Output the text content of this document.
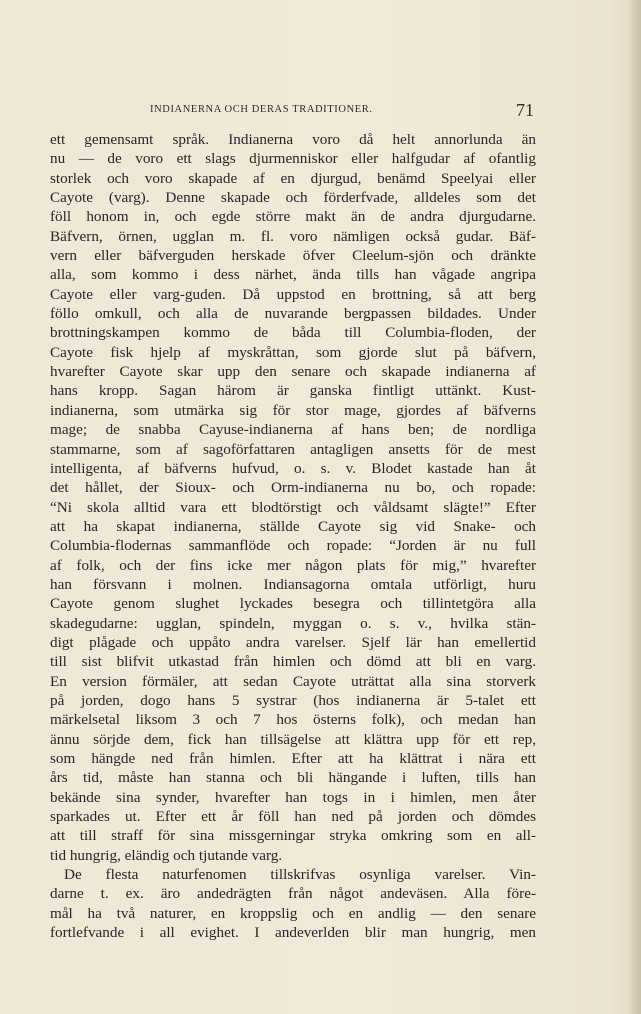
INDIANERNA OCH DERAS TRADITIONER.	71
ett gemensamt språk. Indianerna voro då helt annorlunda än
nu — de voro ett slags djurmenniskor eller halfgudar af ofantlig
storlek och voro skapade af en djurgud, benämd Speelyai eller
Cayote (varg). Denne skapade och förderfvade, alldeles som det
föll honom in, och egde större makt än de andra djurgudarne.
Bäfvern, örnen, ugglan m. fl. voro nämligen också gudar. Bäf-
vern eller bäfverguden herskade öfver Cleelum-sjön och dränkte
alla, som kommo i dess närhet, ända tills han vågade angripa
Cayote eller varg-guden. Då uppstod en brottning, så att berg
föllo omkull, och alla de nuvarande bergpassen bildades. Under
brottningskampen kommo de båda till Columbia-floden, der
Cayote fisk hjelp af myskråttan, som gjorde slut på bäfvern,
hvarefter Cayote skar upp den senare och skapade indianerna af
hans kropp. Sagan härom är ganska fintligt uttänkt. Kust-
indianerna, som utmärka sig för stor mage, gjordes af bäfverns
mage; de snabba Cayuse-indianerna af hans ben; de nordliga
stammarne, som af sagoförfattaren antagligen ansetts för de mest
intelligenta, af bäfverns hufvud, o. s. v. Blodet kastade han åt
det hållet, der Sioux- och Orm-indianerna nu bo, och ropade:
“Ni skola alltid vara ett blodtörstigt och våldsamt slägte!” Efter
att ha skapat indianerna, ställde Cayote sig vid Snake- och
Columbia-flodernas sammanflöde och ropade: “Jorden är nu full
af folk, och der fins icke mer någon plats för mig,” hvarefter
han försvann i molnen. Indiansagorna omtala utförligt, huru
Cayote genom slughet lyckades besegra och tillintetgöra alla
skadegudarne: ugglan, spindeln, myggan o. s. v., hvilka stän-
digt plågade och uppåto andra varelser. Sjelf lär han emellertid
till sist blifvit utkastad från himlen och dömd att bli en varg.
En version förmäler, att sedan Cayote uträttat alla sina storverk
på jorden, dogo hans 5 systrar (hos indianerna är 5-talet ett
märkelsetal liksom 3 och 7 hos österns folk), och medan han
ännu sörjde dem, fick han tillsägelse att klättra upp för ett rep,
som hängde ned från himlen. Efter att ha klättrat i nära ett
års tid, måste han stanna och bli hängande i luften, tills han
bekände sina synder, hvarefter han togs in i himlen, men åter
sparkades ut. Efter ett år föll han ned på jorden och dömdes
att till straff för sina missgerningar stryka omkring som en all-
tid hungrig, eländig och tjutande varg.
De flesta naturfenomen tillskrifvas osynliga varelser. Vin-
darne t. ex. äro andedrägten från något andeväsen. Alla före-
mål ha två naturer, en kroppslig och en andlig — den senare
fortlefvande i all evighet. I andeverlden blir man hungrig, men
